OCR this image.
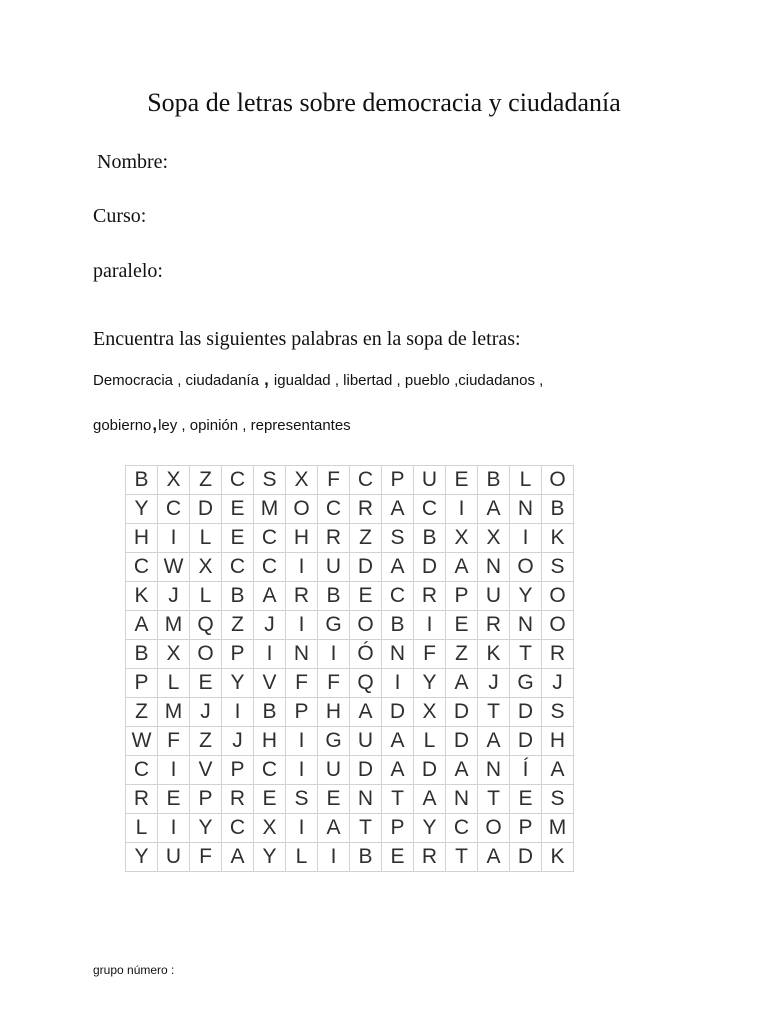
Sopa de letras sobre democracia y ciudadanía
Nombre:
Curso:
paralelo:
Encuentra las siguientes palabras en la sopa de letras:
Democracia , ciudadanía , igualdad , libertad , pueblo ,ciudadanos ,
gobierno,ley , opinión , representantes
B	X	Z	C	S	X	F	C	P	U	E	B	L	O
Y	C	D	E	M	O	C	R	A	C	I	A	N	B
H	I	L	E	C	H	R	Z	S	B	X	X	I	K
C	W	X	C	C	I	U	D	A	D	A	N	O	S
K	J	L	B	A	R	B	E	C	R	P	U	Y	O
A	M	Q	Z	J	I	G	O	B	I	E	R	N	O
B	X	O	P	I	N	I	Ó	N	F	Z	K	T	R
P	L	E	Y	V	F	F	Q	I	Y	A	J	G	J
Z	M	J	I	B	P	H	A	D	X	D	T	D	S
W	F	Z	J	H	I	G	U	A	L	D	A	D	H
C	I	V	P	C	I	U	D	A	D	A	N	Í	A
R	E	P	R	E	S	E	N	T	A	N	T	E	S
L	I	Y	C	X	I	A	T	P	Y	C	O	P	M
Y	U	F	A	Y	L	I	B	E	R	T	A	D	K
grupo número :
